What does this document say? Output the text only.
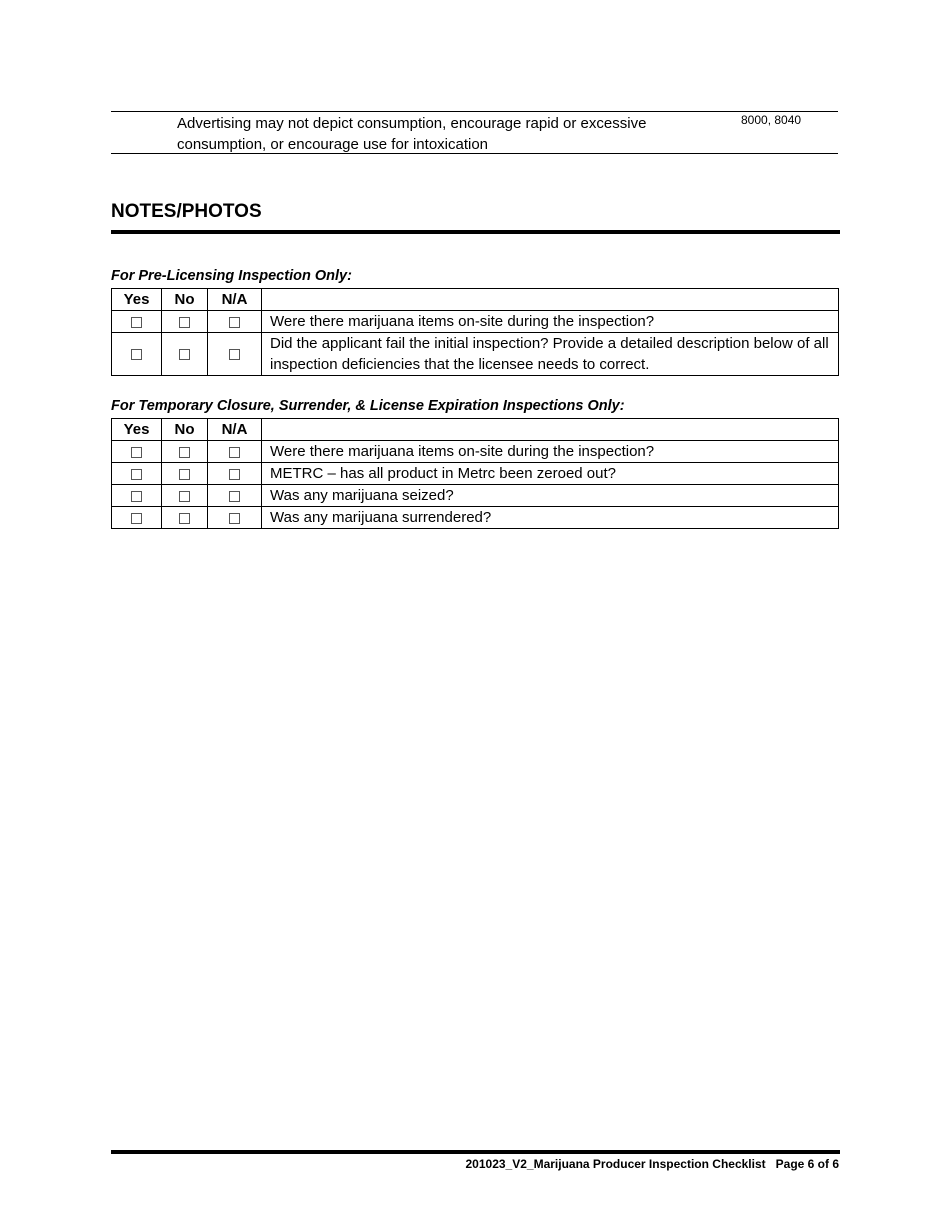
Advertising may not depict consumption, encourage rapid or excessive consumption, or encourage use for intoxication
8000, 8040
NOTES/PHOTOS
For Pre-Licensing Inspection Only:
Yes	No	N/A	
			Were there marijuana items on-site during the inspection?
			Did the applicant fail the initial inspection? Provide a detailed description below of all inspection deficiencies that the licensee needs to correct.
For Temporary Closure, Surrender, & License Expiration Inspections Only:
Yes	No	N/A	
			Were there marijuana items on-site during the inspection?
			METRC – has all product in Metrc been zeroed out?
			Was any marijuana seized?
			Was any marijuana surrendered?
201023_V2_Marijuana Producer Inspection Checklist Page 6 of 6
